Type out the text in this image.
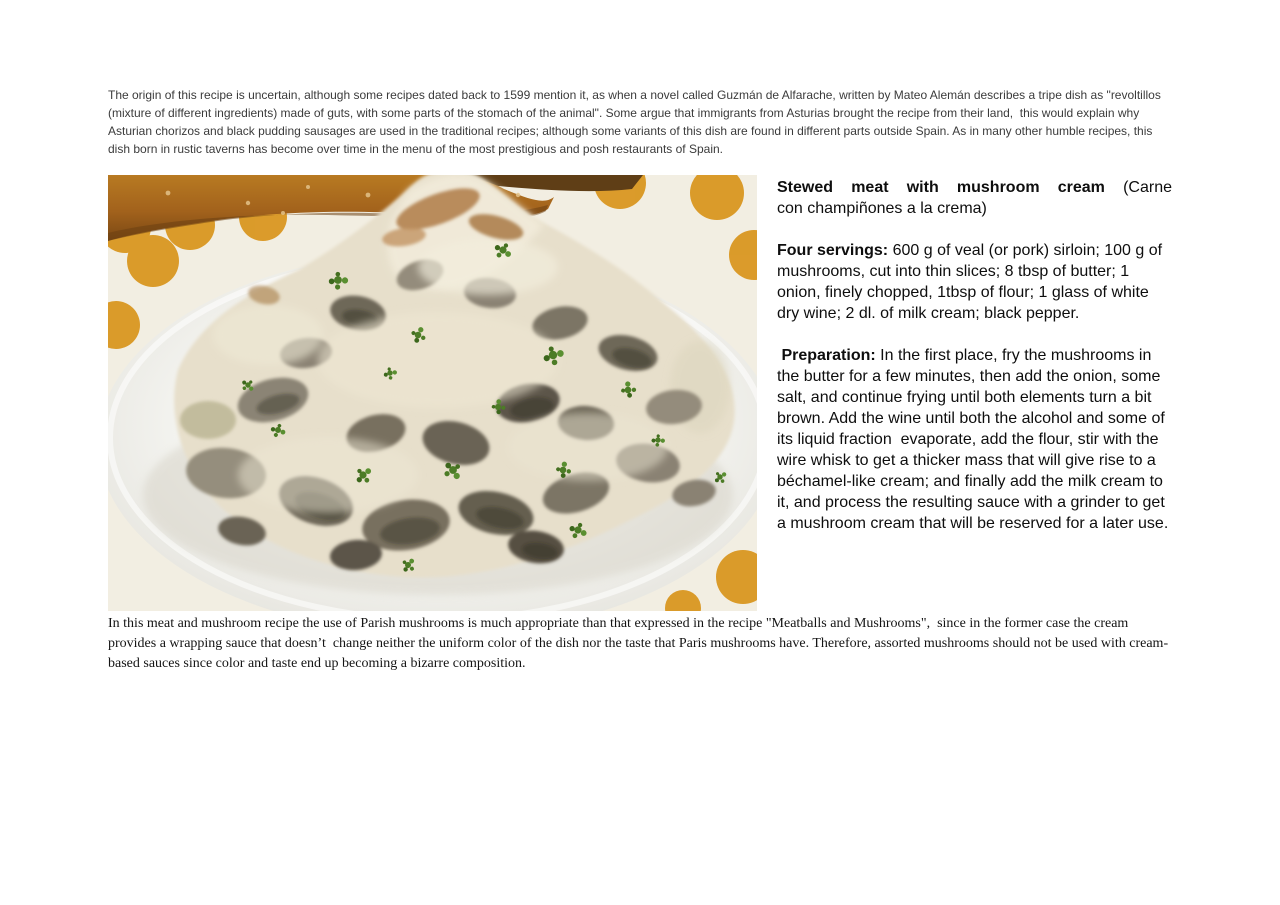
The origin of this recipe is uncertain, although some recipes dated back to 1599 mention it, as when a novel called Guzmán de Alfarache, written by Mateo Alemán describes a tripe dish as "revoltillos (mixture of different ingredients) made of guts, with some parts of the stomach of the animal". Some argue that immigrants from Asturias brought the recipe from their land,  this would explain why Asturian chorizos and black pudding sausages are used in the traditional recipes; although some variants of this dish are found in different parts outside Spain. As in many other humble recipes, this dish born in rustic taverns has become over time in the menu of the most prestigious and posh restaurants of Spain.

Stewed meat with mushroom cream (Carne
con champiñones a la crema)

Four servings: 600 g of veal (or pork) sirloin; 100 g of mushrooms, cut into thin slices; 8 tbsp of butter; 1 onion, finely chopped, 1tbsp of flour; 1 glass of white dry wine; 2 dl. of milk cream; black pepper.

Preparation: In the first place, fry the mushrooms in the butter for a few minutes, then add the onion, some salt, and continue frying until both elements turn a bit brown. Add the wine until both the alcohol and some of its liquid fraction  evaporate, add the flour, stir with the wire whisk to get a thicker mass that will give rise to a béchamel-like cream; and finally add the milk cream to it, and process the resulting sauce with a grinder to get a mushroom cream that will be reserved for a later use.

In this meat and mushroom recipe the use of Parish mushrooms is much appropriate than that expressed in the recipe "Meatballs and Mushrooms",  since in the former case the cream provides a wrapping sauce that doesn’t  change neither the uniform color of the dish nor the taste that Paris mushrooms have. Therefore, assorted mushrooms should not be used with cream-based sauces since color and taste end up becoming a bizarre composition.
